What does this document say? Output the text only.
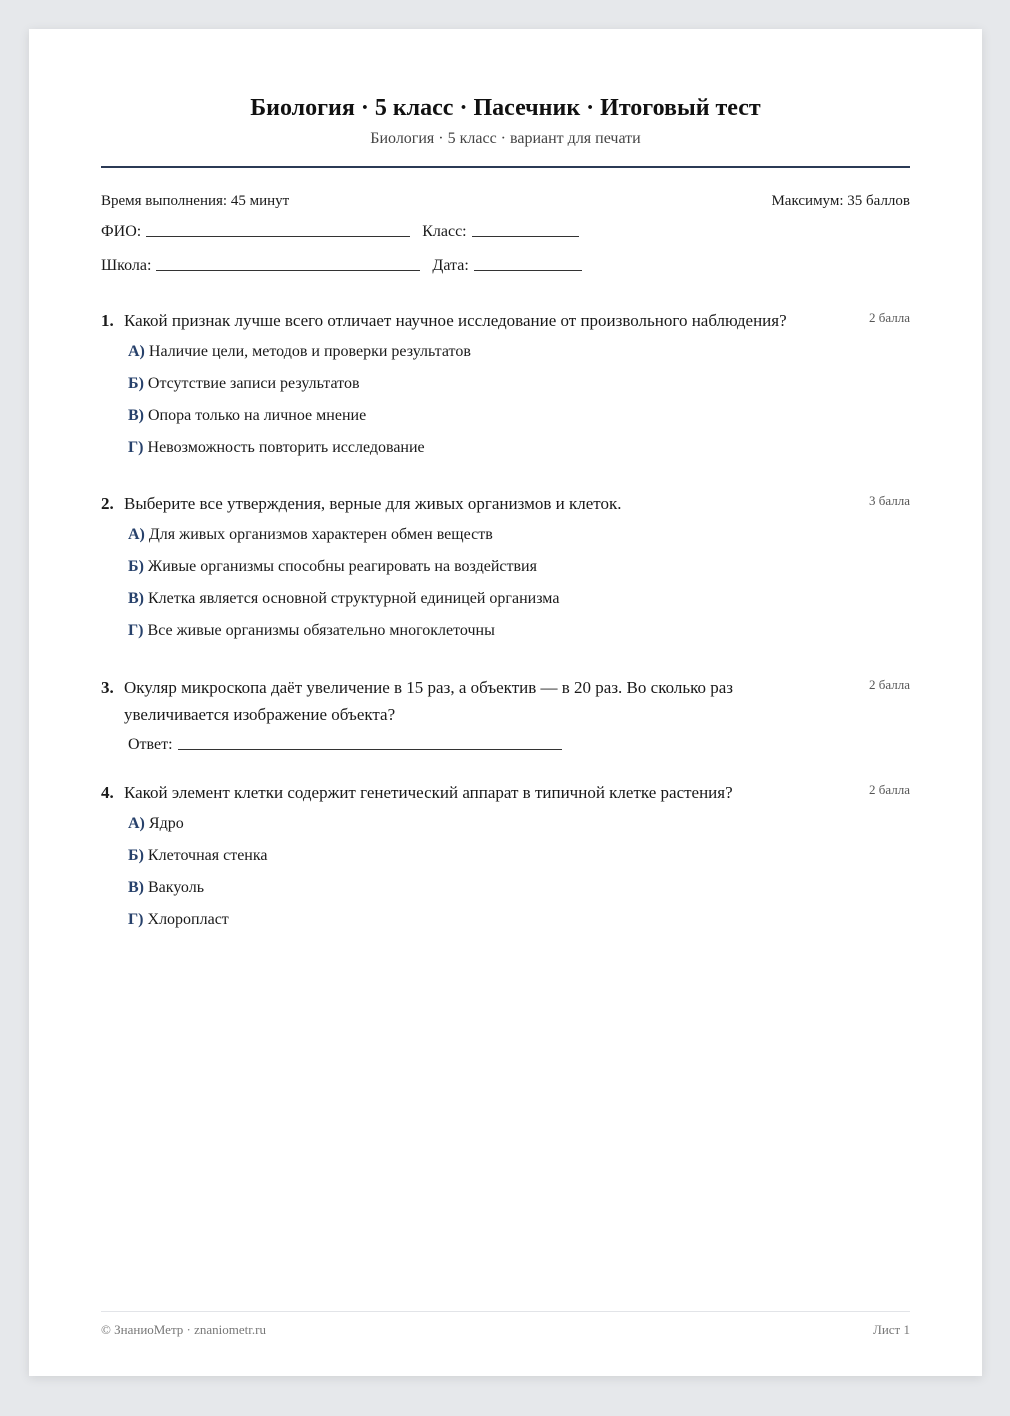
Биология · 5 класс · Пасечник · Итоговый тест
Биология · 5 класс · вариант для печати
Время выполнения: 45 минут	Максимум: 35 баллов
ФИО:	Класс:
Школа:	Дата:
1. Какой признак лучше всего отличает научное исследование от произвольного наблюдения?	2 балла
А) Наличие цели, методов и проверки результатов
Б) Отсутствие записи результатов
В) Опора только на личное мнение
Г) Невозможность повторить исследование
2. Выберите все утверждения, верные для живых организмов и клеток.	3 балла
А) Для живых организмов характерен обмен веществ
Б) Живые организмы способны реагировать на воздействия
В) Клетка является основной структурной единицей организма
Г) Все живые организмы обязательно многоклеточны
3. Окуляр микроскопа даёт увеличение в 15 раз, а объектив — в 20 раз. Во сколько раз увеличивается изображение объекта?
2 балла
Ответ:
4. Какой элемент клетки содержит генетический аппарат в типичной клетке растения?	2 балла
А) Ядро
Б) Клеточная стенка
В) Вакуоль
Г) Хлоропласт
© ЗнаниоМетр · znaniometr.ru	Лист 1
